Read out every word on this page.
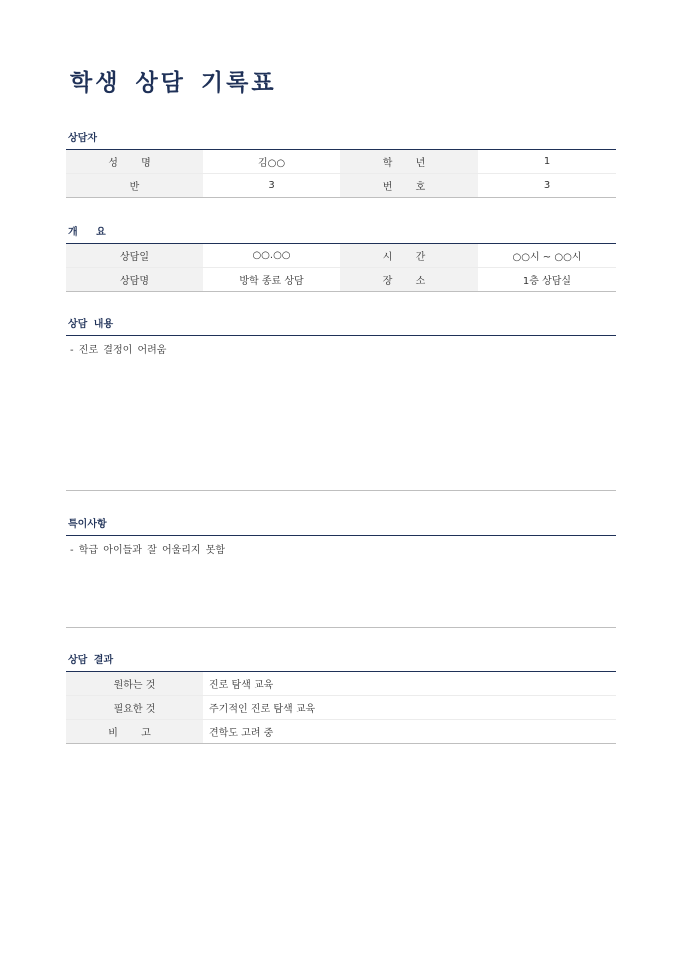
학생 상담 기록표
상담자
성 명	김○○	학 년	1
반	3	번 호	3
개 요
상담일	○○.○○	시 간	○○시 ~ ○○시
상담명	방학 종료 상담	장 소	1층 상담실
상담 내용
- 진로 결정이 어려움
특이사항
- 학급 아이들과 잘 어울리지 못함
상담 결과
원하는 것	진로 탐색 교육
필요한 것	주기적인 진로 탐색 교육
비 고	견학도 고려 중
